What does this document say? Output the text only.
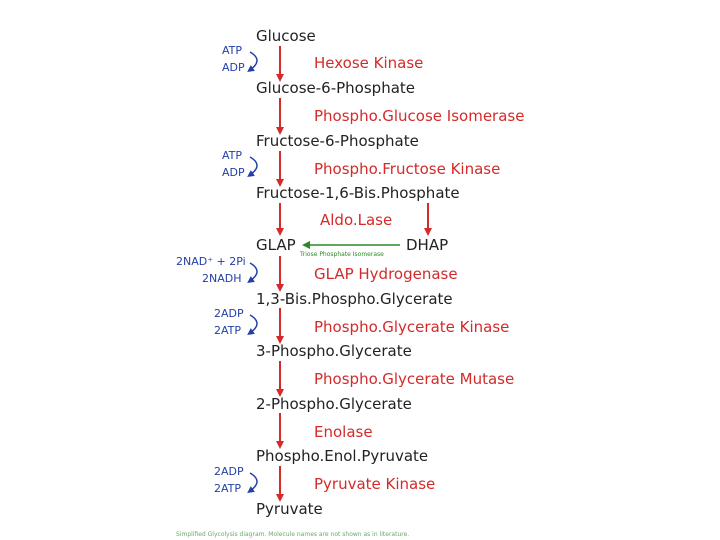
Glucose
Glucose-6-Phosphate
Fructose-6-Phosphate
Fructose-1,6-Bis.Phosphate
GLAP	DHAP
1,3-Bis.Phospho.Glycerate
3-Phospho.Glycerate
2-Phospho.Glycerate
Phospho.Enol.Pyruvate
Pyruvate
Hexose Kinase
Phospho.Glucose Isomerase
Phospho.Fructose Kinase
Aldo.Lase
GLAP Hydrogenase
Phospho.Glycerate Kinase
Phospho.Glycerate Mutase
Enolase
Pyruvate Kinase
Triose Phosphate Isomerase
ATP
ADP
ATP
ADP
2NAD⁺ + 2Pi
2NADH
2ADP
2ATP
2ADP
2ATP
Simplified Glycolysis diagram. Molecule names are not shown as in literature.
